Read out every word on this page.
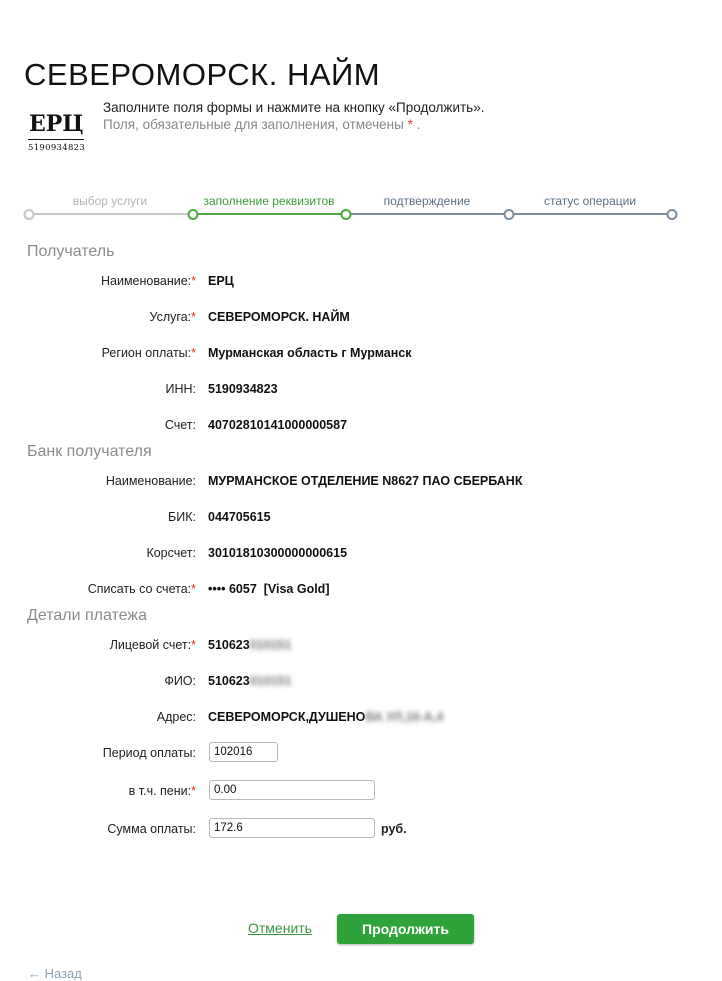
СЕВЕРОМОРСК. НАЙМ
ЕРЦ
5190934823
Заполните поля формы и нажмите на кнопку «Продолжить».
Поля, обязательные для заполнения, отмечены * .
выбор услуги	заполнение реквизитов	подтверждение	статус операции
Получатель
Наименование:* ЕРЦ
Услуга:* СЕВЕРОМОРСК. НАЙМ
Регион оплаты:* Мурманская область г Мурманск
ИНН: 5190934823
Счет: 40702810141000000587
Банк получателя
Наименование: МУРМАНСКОЕ ОТДЕЛЕНИЕ N8627 ПАО СБЕРБАНК
БИК: 044705615
Корсчет: 30101810300000000615
Списать со счета:* •••• 6057  [Visa Gold]
Детали платежа
Лицевой счет:* 510623010151
ФИО: 510623010151
Адрес: СЕВЕРОМОРСК,ДУШЕНОВА УЛ,16-А,4
Период оплаты:
102016
в т.ч. пени:*
0.00
Сумма оплаты:
172.6	руб.
Отменить	Продолжить
← Назад
